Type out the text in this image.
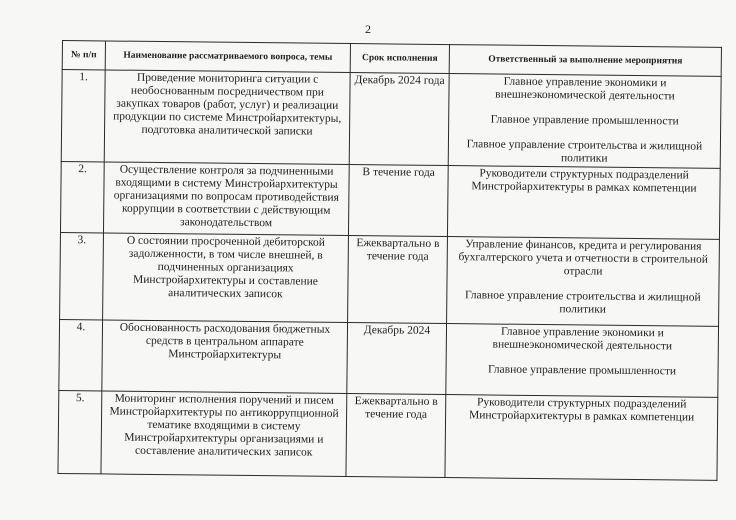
2
№ п/п	Наименование рассматриваемого вопроса, темы	Срок исполнения	Ответственный за выполнение мероприятия
1.	Проведение мониторинга ситуации с необоснованным посредничеством при закупках товаров (работ, услуг) и реализации продукции по системе Минстройархитектуры, подготовка аналитической записки	Декабрь 2024 года	Главное управление экономики и внешнеэкономической деятельности
Главное управление промышленности
Главное управление строительства и жилищной политики

2.	Осуществление контроля за подчиненными входящими в систему Минстройархитектуры организациями по вопросам противодействия коррупции в соответствии с действующим законодательством	В течение года	Руководители структурных подразделений Минстройархитектуры в рамках компетенции

3.	О состоянии просроченной дебиторской задолженности, в том числе внешней, в подчиненных организациях Минстройархитектуры и составление аналитических записок	Ежеквартально в течение года	Управление финансов, кредита и регулирования бухгалтерского учета и отчетности в строительной отрасли
Главное управление строительства и жилищной политики

4.	Обоснованность расходования бюджетных средств в центральном аппарате Минстройархитектуры	Декабрь 2024	Главное управление экономики и внешнеэкономической деятельности
Главное управление промышленности

5.	Мониторинг исполнения поручений и писем Минстройархитектуры по антикоррупционной тематике входящими в систему Минстройархитектуры организациями и составление аналитических записок	Ежеквартально в течение года	Руководители структурных подразделений Минстройархитектуры в рамках компетенции
